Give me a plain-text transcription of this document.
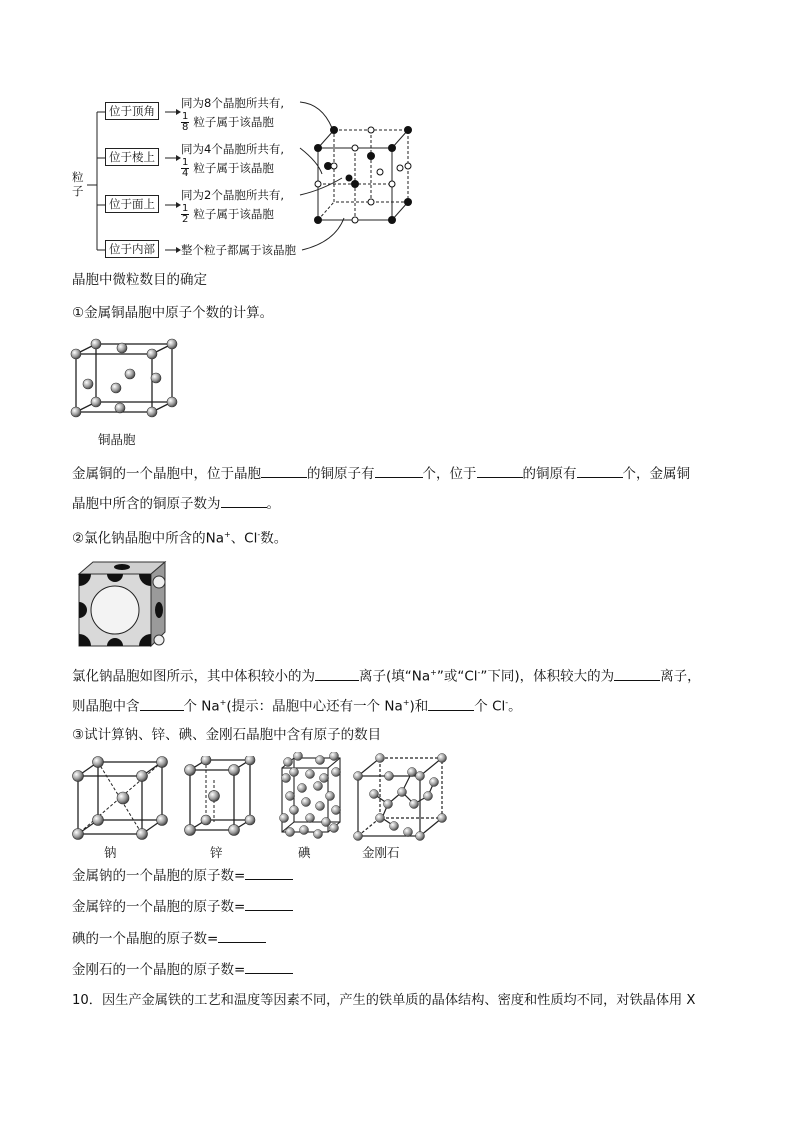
粒子
位于顶角
位于棱上
位于面上
位于内部
同为8个晶胞所共有,
$\frac{1}{8}$ 粒子属于该晶胞
同为4个晶胞所共有,
$\frac{1}{4}$ 粒子属于该晶胞
同为2个晶胞所共有,
$\frac{1}{2}$ 粒子属于该晶胞
整个粒子都属于该晶胞
晶胞中微粒数目的确定
①金属铜晶胞中原子个数的计算。
铜晶胞
金属铜的一个晶胞中，位于晶胞	的铜原子有	个，位于	的铜原有	个，金属铜
晶胞中所含的铜原子数为	。
②氯化钠晶胞中所含的Na+、Cl-数。
氯化钠晶胞如图所示，其中体积较小的为	离子(填“Na+”或“Cl-”下同)，体积较大的为	离子，
则晶胞中含	个 Na+(提示：晶胞中心还有一个 Na+)和	个 Cl-。
③试计算钠、锌、碘、金刚石晶胞中含有原子的数目
钠	锌	碘	金刚石
金属钠的一个晶胞的原子数=
金属锌的一个晶胞的原子数=
碘的一个晶胞的原子数=
金刚石的一个晶胞的原子数=
10．因生产金属铁的工艺和温度等因素不同，产生的铁单质的晶体结构、密度和性质均不同，对铁晶体用 X
